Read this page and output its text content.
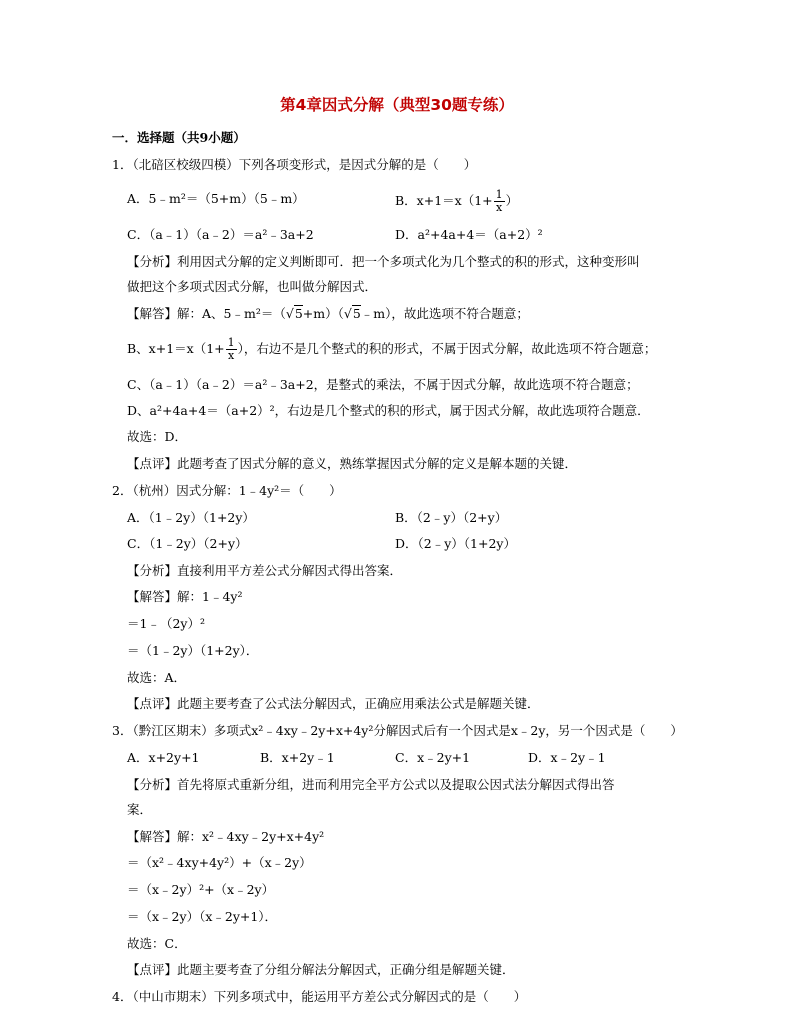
第4章因式分解（典型30题专练）
一．选择题（共9小题）
1．（北碚区校级四模）下列各项变形式，是因式分解的是（　　）
A．5﹣m²＝（5+m）（5﹣m）	B．$x+1=x(1+ \frac{1}{x}$ ）
C．（a﹣1）（a﹣2）＝a²﹣3a+2	D．a²+4a+4＝（a+2）²
【分析】利用因式分解的定义判断即可．把一个多项式化为几个整式的积的形式，这种变形叫
做把这个多项式因式分解，也叫做分解因式．
【解答】解：A、5﹣m²＝（√5+m）（√5﹣m），故此选项不符合题意；
B、$x+1=x(1+ \frac{1}{x}$ ），右边不是几个整式的积的形式，不属于因式分解，故此选项不符合题意；
C、（a﹣1）（a﹣2）＝a²﹣3a+2，是整式的乘法，不属于因式分解，故此选项不符合题意；
D、a²+4a+4＝（a+2）²，右边是几个整式的积的形式，属于因式分解，故此选项符合题意．
故选：D．
【点评】此题考查了因式分解的意义，熟练掌握因式分解的定义是解本题的关键．
2．（杭州）因式分解：1﹣4y²＝（　　）
A．（1﹣2y）（1+2y）	B．（2﹣y）（2+y）
C．（1﹣2y）（2+y）	D．（2﹣y）（1+2y）
【分析】直接利用平方差公式分解因式得出答案．
【解答】解：1﹣4y²
＝1﹣（2y）²
＝（1﹣2y）（1+2y）．
故选：A．
【点评】此题主要考查了公式法分解因式，正确应用乘法公式是解题关键．
3．（黔江区期末）多项式x²﹣4xy﹣2y+x+4y²分解因式后有一个因式是x﹣2y，另一个因式是（　　）
A．x+2y+1	B．x+2y﹣1	C．x﹣2y+1	D．x﹣2y﹣1
【分析】首先将原式重新分组，进而利用完全平方公式以及提取公因式法分解因式得出答
案．
【解答】解：x²﹣4xy﹣2y+x+4y²
＝（x²﹣4xy+4y²）+（x﹣2y）
＝（x﹣2y）²+（x﹣2y）
＝（x﹣2y）（x﹣2y+1）．
故选：C．
【点评】此题主要考查了分组分解法分解因式，正确分组是解题关键．
4．（中山市期末）下列多项式中，能运用平方差公式分解因式的是（　　）
